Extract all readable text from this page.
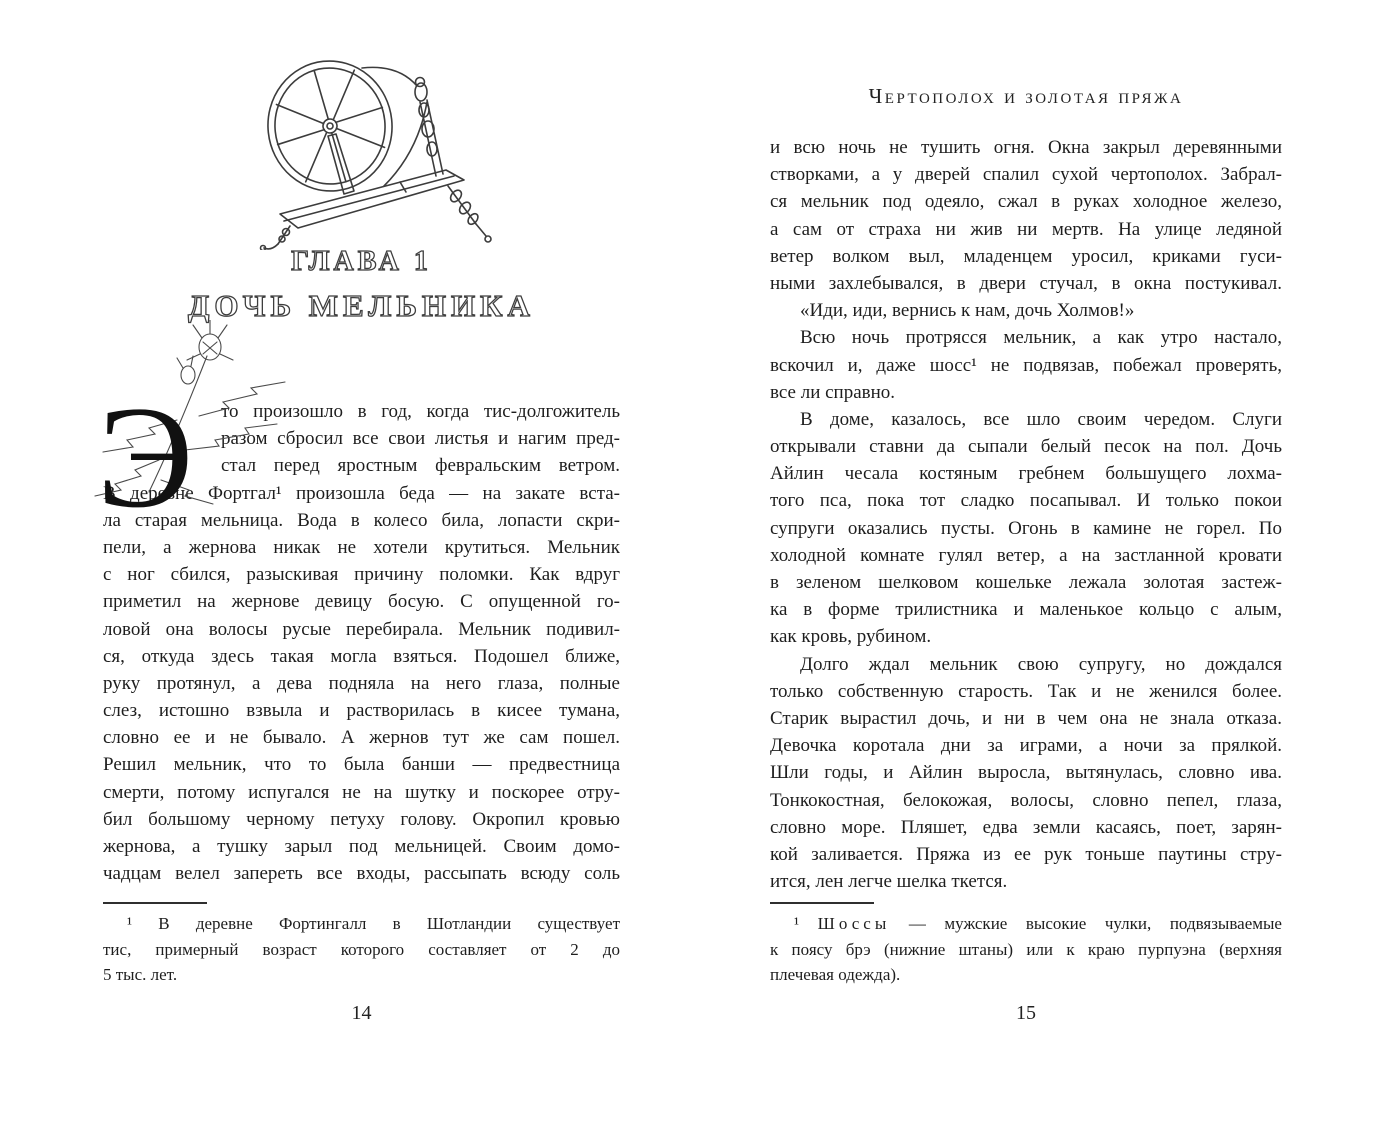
ГЛАВА 1
ДОЧЬ МЕЛЬНИКА
Э то произошло в год, когда тис-долгожитель
разом сбросил все свои листья и нагим пред-
стал перед яростным февральским ветром.
В деревне Фортгал¹ произошла беда — на закате вста-
ла старая мельница. Вода в колесо била, лопасти скри-
пели, а жернова никак не хотели крутиться. Мельник
с ног сбился, разыскивая причину поломки. Как вдруг
приметил на жернове девицу босую. С опущенной го-
ловой она волосы русые перебирала. Мельник подивил-
ся, откуда здесь такая могла взяться. Подошел ближе,
руку протянул, а дева подняла на него глаза, полные
слез, истошно взвыла и растворилась в кисее тумана,
словно ее и не бывало. А жернов тут же сам пошел.
Решил мельник, что то была банши — предвестница
смерти, потому испугался не на шутку и поскорее отру-
бил большому черному петуху голову. Окропил кровью
жернова, а тушку зарыл под мельницей. Своим домо-
чадцам велел запереть все входы, рассыпать всюду соль
¹ В деревне Фортингалл в Шотландии существует
тис, примерный возраст которого составляет от 2 до
5 тыс. лет.
14
Чертополох и золотая пряжа
и всю ночь не тушить огня. Окна закрыл деревянными
створками, а у дверей спалил сухой чертополох. Забрал-
ся мельник под одеяло, сжал в руках холодное железо,
а сам от страха ни жив ни мертв. На улице ледяной
ветер волком выл, младенцем уросил, криками гуси-
ными захлебывался, в двери стучал, в окна постукивал.
«Иди, иди, вернись к нам, дочь Холмов!»
Всю ночь протрясся мельник, а как утро настало,
вскочил и, даже шосс¹ не подвязав, побежал проверять,
все ли справно.
В доме, казалось, все шло своим чередом. Слуги
открывали ставни да сыпали белый песок на пол. Дочь
Айлин чесала костяным гребнем большущего лохма-
того пса, пока тот сладко посапывал. И только покои
супруги оказались пусты. Огонь в камине не горел. По
холодной комнате гулял ветер, а на застланной кровати
в зеленом шелковом кошельке лежала золотая застеж-
ка в форме трилистника и маленькое кольцо с алым,
как кровь, рубином.
Долго ждал мельник свою супругу, но дождался
только собственную старость. Так и не женился более.
Старик вырастил дочь, и ни в чем она не знала отказа.
Девочка коротала дни за играми, а ночи за прялкой.
Шли годы, и Айлин выросла, вытянулась, словно ива.
Тонкокостная, белокожая, волосы, словно пепел, глаза,
словно море. Пляшет, едва земли касаясь, поет, зарян-
кой заливается. Пряжа из ее рук тоньше паутины стру-
ится, лен легче шелка ткется.
¹ Шоссы — мужские высокие чулки, подвязываемые
к поясу брэ (нижние штаны) или к краю пурпуэна (верхняя
плечевая одежда).
15
